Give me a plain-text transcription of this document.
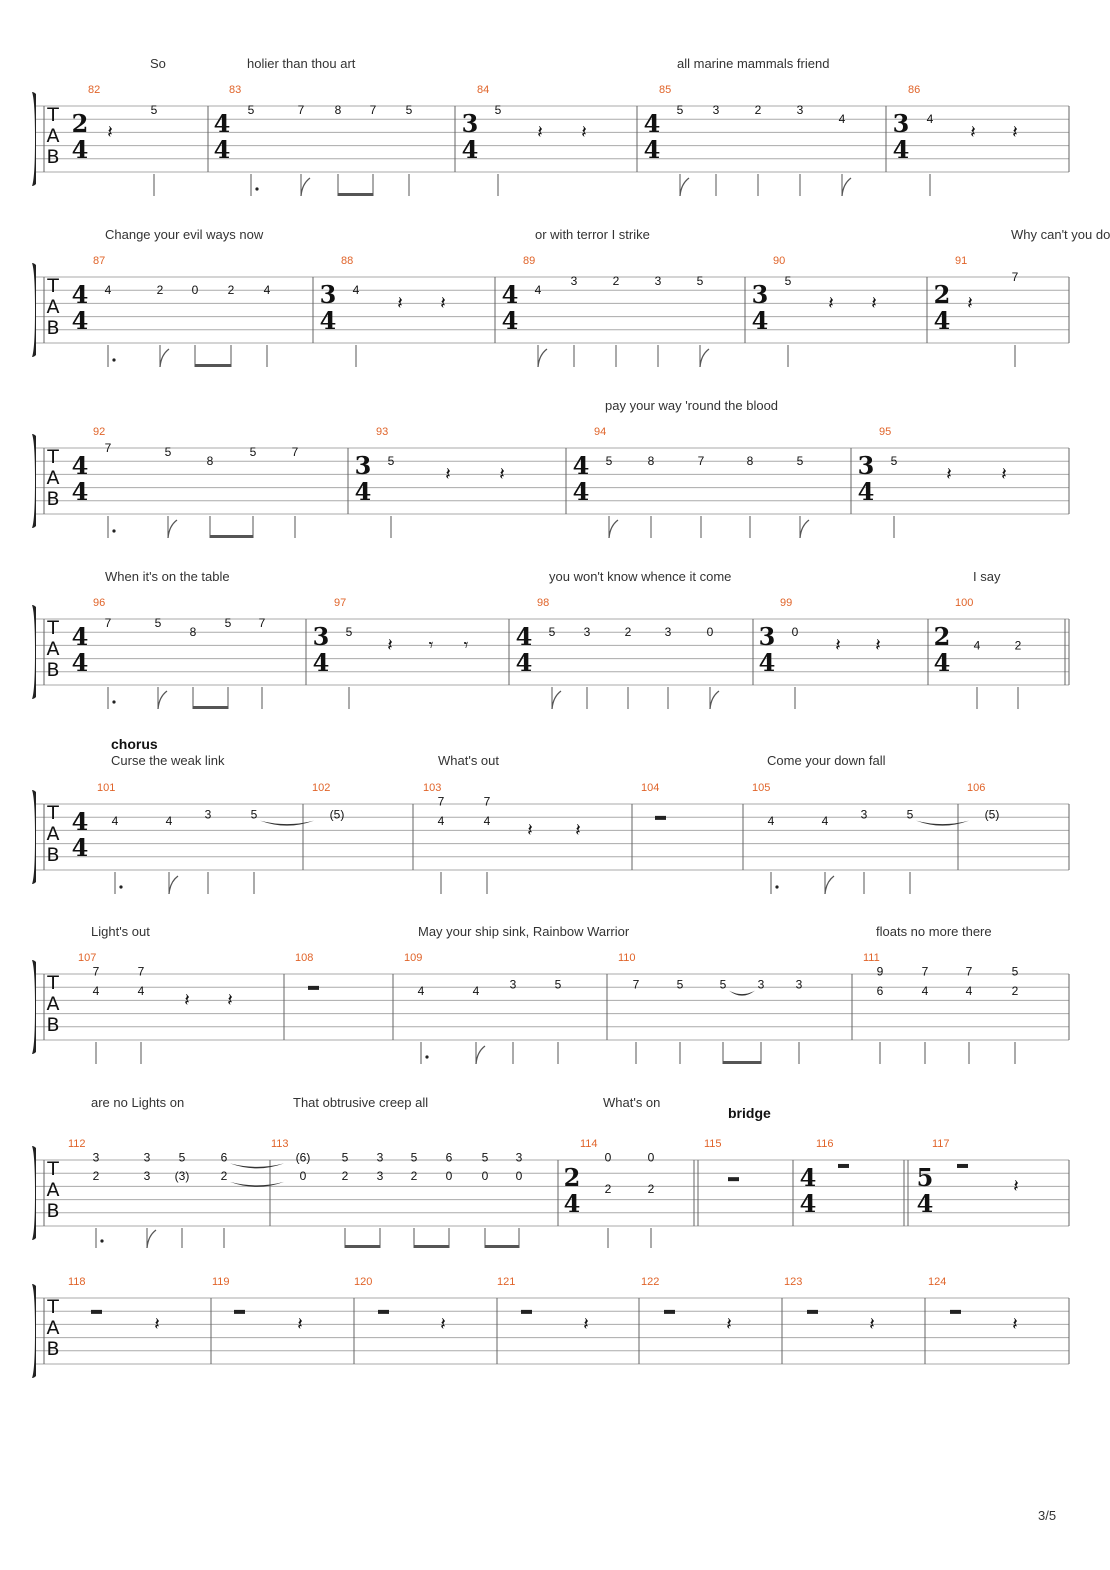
T
A
B
82	83	84	85	86
2
4
4
4
3
4
4
4
3
4
So	holier than thou art	all marine mammals friend
5	5	7	8 7 5	5	5 3	2	3
4	4
𝄽	𝄽 𝄽	𝄽 𝄽
T
A
B
87	88	89	90	91
4
4
3
4
4
4
3
4
2
4
Change your evil ways now	or with terror I strike	Why can't you do
4	2 0 2 4	4	4
3	2	3	5	5	7
𝄽 𝄽	𝄽 𝄽	𝄽
T
A
B
92	93	94	95
4
4
3
4
4
4
3
4
pay your way 'round the blood
7	5
8
5	7
5	5	8	7	8	5	5
𝄽	𝄽	𝄽	𝄽
T
A
B
96	97	98	99	100
4
4
3
4
4
4
3
4
2
4
When it's on the table	you won't know whence it come	I say
7	5
8
5 7
5	5 3	2	3	0	0
4	2
𝄽 𝄾 𝄾	𝄽 𝄽
T
A
B
101	102	103	104	105	106
4
4
Curse the weak link	What's out	Come your down fall
chorus
4	4	3	5	(5)
7	7
4	4	4	4	3	5	(5)
𝄽 𝄽
T
A
B
107	108	109	110	111
Light's out	May your ship sink, Rainbow Warrior	floats no more there
7	7
4	4	4	4	3	5	7	5	5	3	3
9	7	7	5
6	4	4	2
𝄽 𝄽
T
A
B
112	113	114	115	116	117
2
4
4
4
5
4
are no Lights on	That obtrusive creep all	What's on
bridge
3	3 5	6	(6)	5 3 5 6 5 3	0	0
2	3 (3)	2	0	2 3 2 0 0 0
2	2	𝄽
T
A
B
118	119	120	121	122	123	124
𝄽	𝄽	𝄽	𝄽	𝄽	𝄽	𝄽
3/5
